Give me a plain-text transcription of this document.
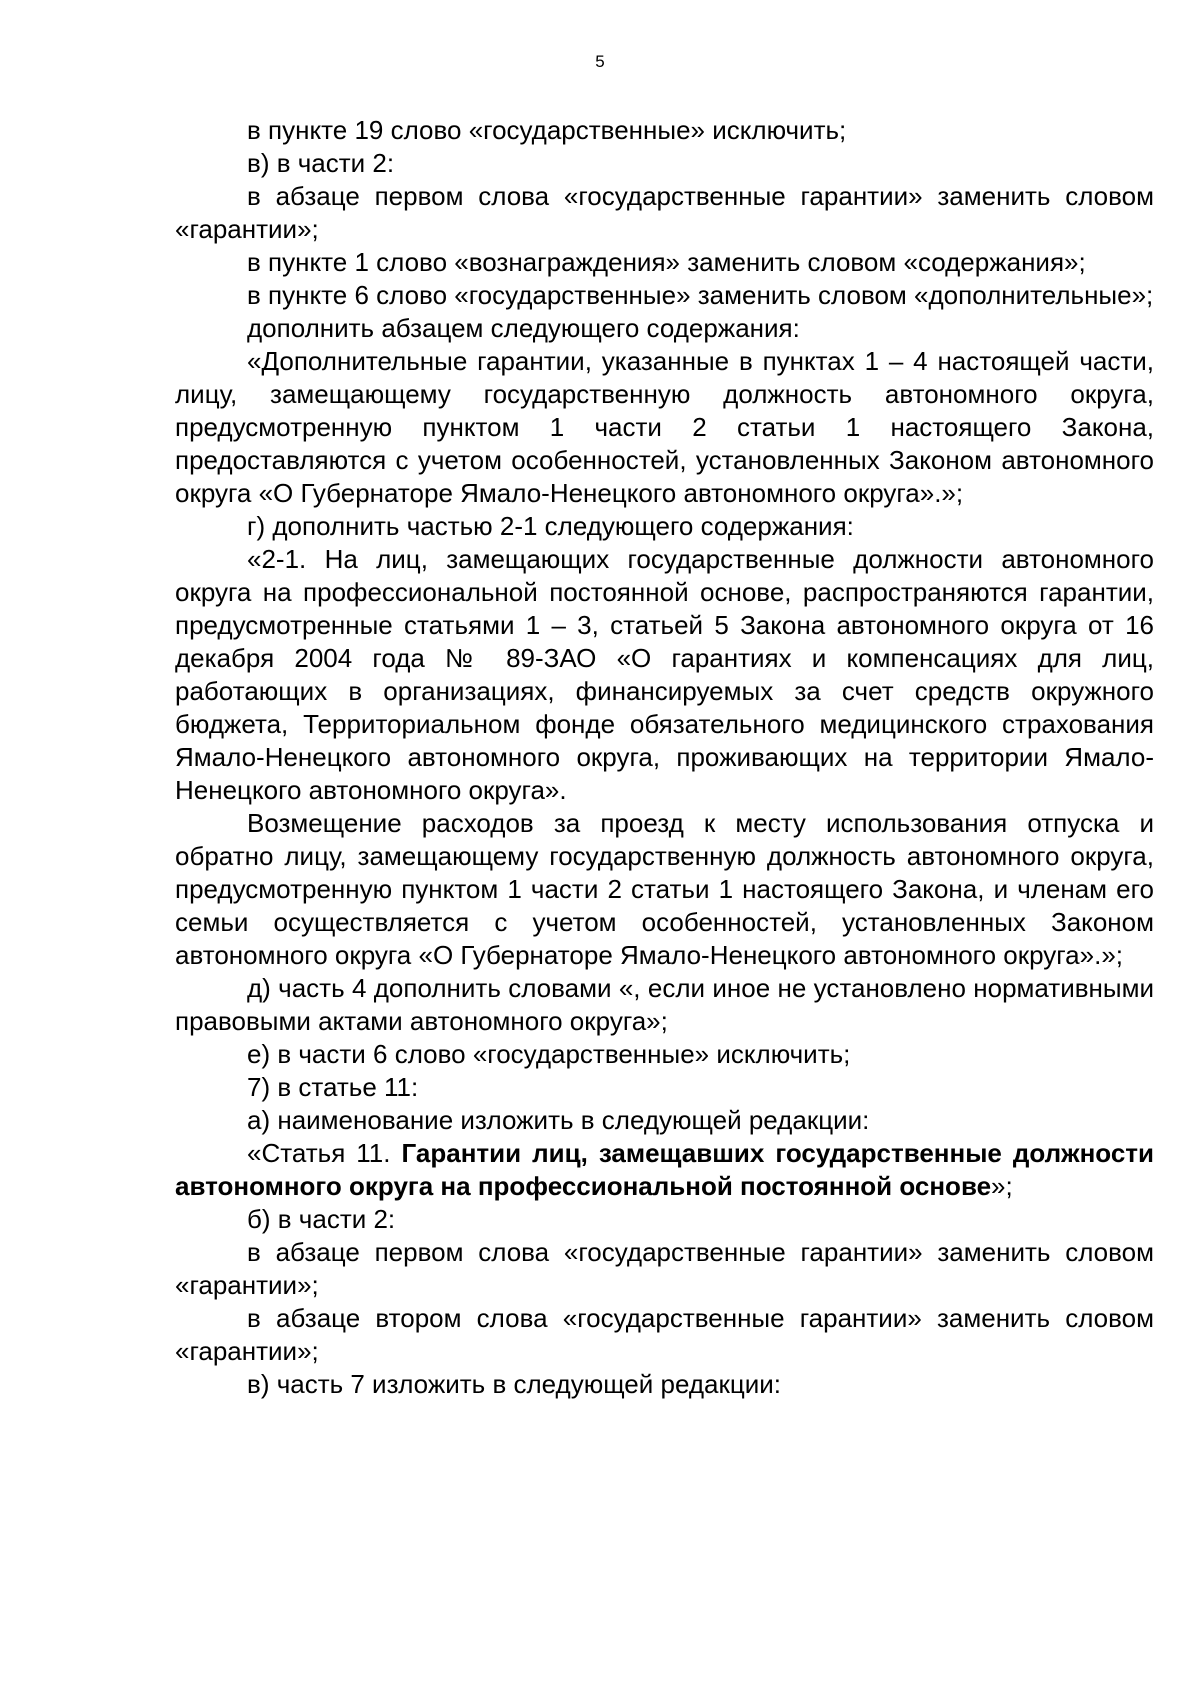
5

в пункте 19 слово «государственные» исключить;

в) в части 2:

в абзаце первом слова «государственные гарантии» заменить словом «гарантии»;

в пункте 1 слово «вознаграждения» заменить словом «содержания»;

в пункте 6 слово «государственные» заменить словом «дополнительные»;

дополнить абзацем следующего содержания:

«Дополнительные гарантии, указанные в пунктах 1 – 4 настоящей части, лицу, замещающему государственную должность автономного округа, предусмотренную пунктом 1 части 2 статьи 1 настоящего Закона, предоставляются с учетом особенностей, установленных Законом автономного округа «О Губернаторе Ямало-Ненецкого автономного округа».»;

г) дополнить частью 2-1 следующего содержания:

«2-1. На лиц, замещающих государственные должности автономного округа на профессиональной постоянной основе, распространяются гарантии, предусмотренные статьями 1 – 3, статьей 5 Закона автономного округа от 16 декабря 2004 года № 89-ЗАО «О гарантиях и компенсациях для лиц, работающих в организациях, финансируемых за счет средств окружного бюджета, Территориальном фонде обязательного медицинского страхования Ямало-Ненецкого автономного округа, проживающих на территории Ямало-Ненецкого автономного округа».

Возмещение расходов за проезд к месту использования отпуска и обратно лицу, замещающему государственную должность автономного округа, предусмотренную пунктом 1 части 2 статьи 1 настоящего Закона, и членам его семьи осуществляется с учетом особенностей, установленных Законом автономного округа «О Губернаторе Ямало-Ненецкого автономного округа».»;

д) часть 4 дополнить словами «, если иное не установлено нормативными правовыми актами автономного округа»;

е) в части 6 слово «государственные» исключить;

7) в статье 11:

а) наименование изложить в следующей редакции:

«Статья 11. Гарантии лиц, замещавших государственные должности автономного округа на профессиональной постоянной основе»;

б) в части 2:

в абзаце первом слова «государственные гарантии» заменить словом «гарантии»;

в абзаце втором слова «государственные гарантии» заменить словом «гарантии»;

в) часть 7 изложить в следующей редакции:
